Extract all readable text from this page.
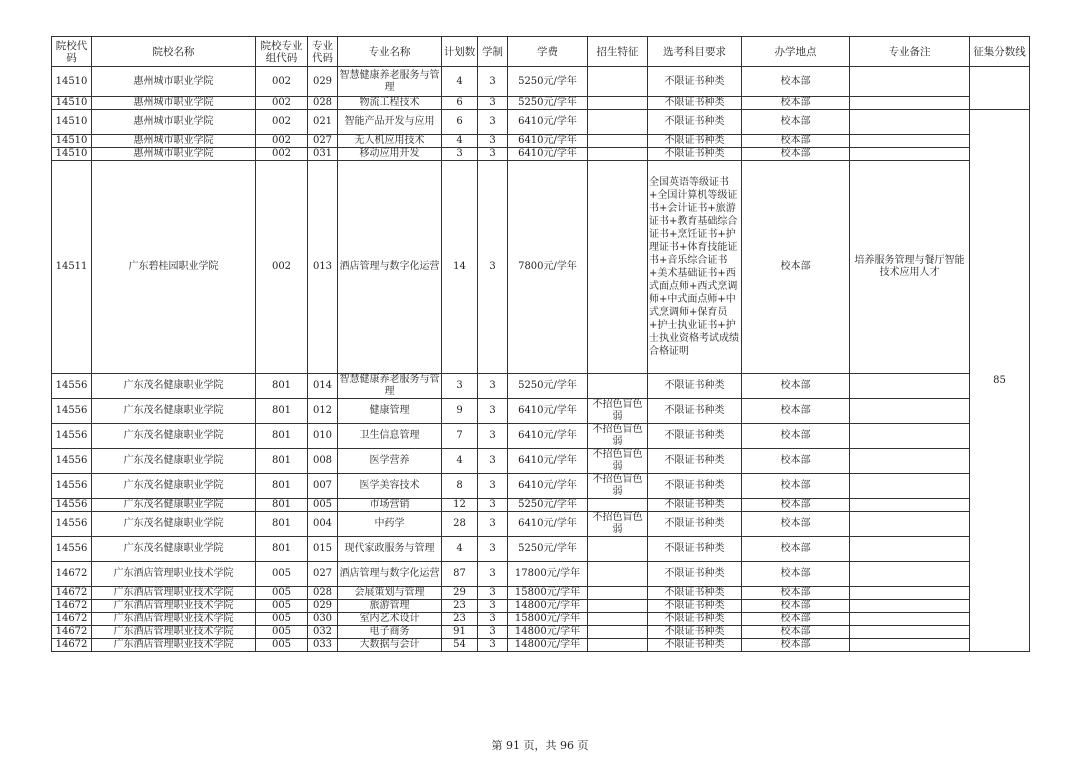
院校代码	院校名称	院校专业组代码	专业代码	专业名称	计划数	学制	学费	招生特征	选考科目要求	办学地点	专业备注	征集分数线
14510	惠州城市职业学院	002	029	智慧健康养老服务与管理	4	3	5250元/学年		不限证书种类	校本部		
14510	惠州城市职业学院	002	028	物流工程技术	6	3	5250元/学年		不限证书种类	校本部		
14510	惠州城市职业学院	002	021	智能产品开发与应用	6	3	6410元/学年		不限证书种类	校本部		85
14510	惠州城市职业学院	002	027	无人机应用技术	4	3	6410元/学年		不限证书种类	校本部		
14510	惠州城市职业学院	002	031	移动应用开发	3	3	6410元/学年		不限证书种类	校本部		
14511	广东碧桂园职业学院	002	013	酒店管理与数字化运营	14	3	7800元/学年		全国英语等级证书+全国计算机等级证书+会计证书+旅游证书+教育基础综合证书+烹饪证书+护理证书+体育技能证书+音乐综合证书+美术基础证书+西式面点师+西式烹调师+中式面点师+中式烹调师+保育员+护士执业证书+护士执业资格考试成绩合格证明	校本部	培养服务管理与餐厅智能技术应用人才	
14556	广东茂名健康职业学院	801	014	智慧健康养老服务与管理	3	3	5250元/学年		不限证书种类	校本部		
14556	广东茂名健康职业学院	801	012	健康管理	9	3	6410元/学年	不招色盲色弱	不限证书种类	校本部		
14556	广东茂名健康职业学院	801	010	卫生信息管理	7	3	6410元/学年	不招色盲色弱	不限证书种类	校本部		
14556	广东茂名健康职业学院	801	008	医学营养	4	3	6410元/学年	不招色盲色弱	不限证书种类	校本部		
14556	广东茂名健康职业学院	801	007	医学美容技术	8	3	6410元/学年	不招色盲色弱	不限证书种类	校本部		
14556	广东茂名健康职业学院	801	005	市场营销	12	3	5250元/学年		不限证书种类	校本部		
14556	广东茂名健康职业学院	801	004	中药学	28	3	6410元/学年	不招色盲色弱	不限证书种类	校本部		
14556	广东茂名健康职业学院	801	015	现代家政服务与管理	4	3	5250元/学年		不限证书种类	校本部		
14672	广东酒店管理职业技术学院	005	027	酒店管理与数字化运营	87	3	17800元/学年		不限证书种类	校本部		
14672	广东酒店管理职业技术学院	005	028	会展策划与管理	29	3	15800元/学年		不限证书种类	校本部		
14672	广东酒店管理职业技术学院	005	029	旅游管理	23	3	14800元/学年		不限证书种类	校本部		
14672	广东酒店管理职业技术学院	005	030	室内艺术设计	23	3	15800元/学年		不限证书种类	校本部		
14672	广东酒店管理职业技术学院	005	032	电子商务	91	3	14800元/学年		不限证书种类	校本部		
14672	广东酒店管理职业技术学院	005	033	大数据与会计	54	3	14800元/学年		不限证书种类	校本部		
第 91 页，共 96 页
